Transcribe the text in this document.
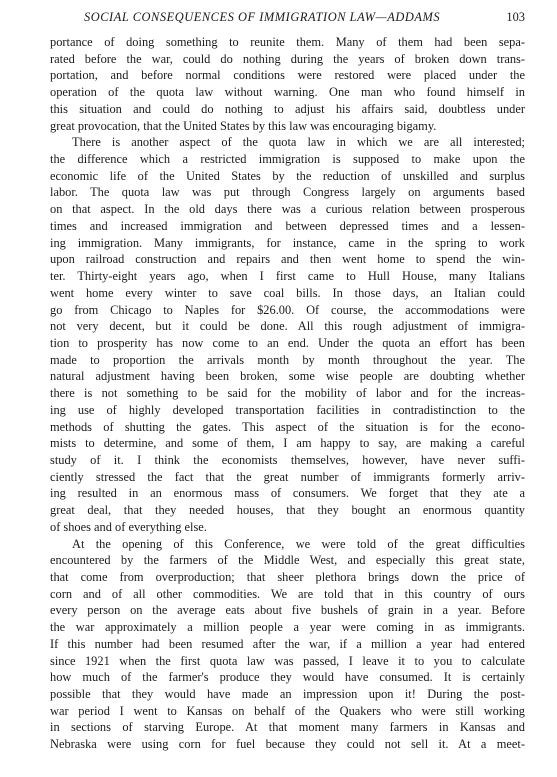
SOCIAL CONSEQUENCES OF IMMIGRATION LAW—ADDAMS	103
portance of doing something to reunite them. Many of them had been sepa-
rated before the war, could do nothing during the years of broken down trans-
portation, and before normal conditions were restored were placed under the
operation of the quota law without warning. One man who found himself in
this situation and could do nothing to adjust his affairs said, doubtless under
great provocation, that the United States by this law was encouraging bigamy.
There is another aspect of the quota law in which we are all interested;
the difference which a restricted immigration is supposed to make upon the
economic life of the United States by the reduction of unskilled and surplus
labor. The quota law was put through Congress largely on arguments based
on that aspect. In the old days there was a curious relation between prosperous
times and increased immigration and between depressed times and a lessen-
ing immigration. Many immigrants, for instance, came in the spring to work
upon railroad construction and repairs and then went home to spend the win-
ter. Thirty-eight years ago, when I first came to Hull House, many Italians
went home every winter to save coal bills. In those days, an Italian could
go from Chicago to Naples for $26.00. Of course, the accommodations were
not very decent, but it could be done. All this rough adjustment of immigra-
tion to prosperity has now come to an end. Under the quota an effort has been
made to proportion the arrivals month by month throughout the year. The
natural adjustment having been broken, some wise people are doubting whether
there is not something to be said for the mobility of labor and for the increas-
ing use of highly developed transportation facilities in contradistinction to the
methods of shutting the gates. This aspect of the situation is for the econo-
mists to determine, and some of them, I am happy to say, are making a careful
study of it. I think the economists themselves, however, have never suffi-
ciently stressed the fact that the great number of immigrants formerly arriv-
ing resulted in an enormous mass of consumers. We forget that they ate a
great deal, that they needed houses, that they bought an enormous quantity
of shoes and of everything else.
At the opening of this Conference, we were told of the great difficulties
encountered by the farmers of the Middle West, and especially this great state,
that come from overproduction; that sheer plethora brings down the price of
corn and of all other commodities. We are told that in this country of ours
every person on the average eats about five bushels of grain in a year. Before
the war approximately a million people a year were coming in as immigrants.
If this number had been resumed after the war, if a million a year had entered
since 1921 when the first quota law was passed, I leave it to you to calculate
how much of the farmer's produce they would have consumed. It is certainly
possible that they would have made an impression upon it! During the post-
war period I went to Kansas on behalf of the Quakers who were still working
in sections of starving Europe. At that moment many farmers in Kansas and
Nebraska were using corn for fuel because they could not sell it. At a meet-
